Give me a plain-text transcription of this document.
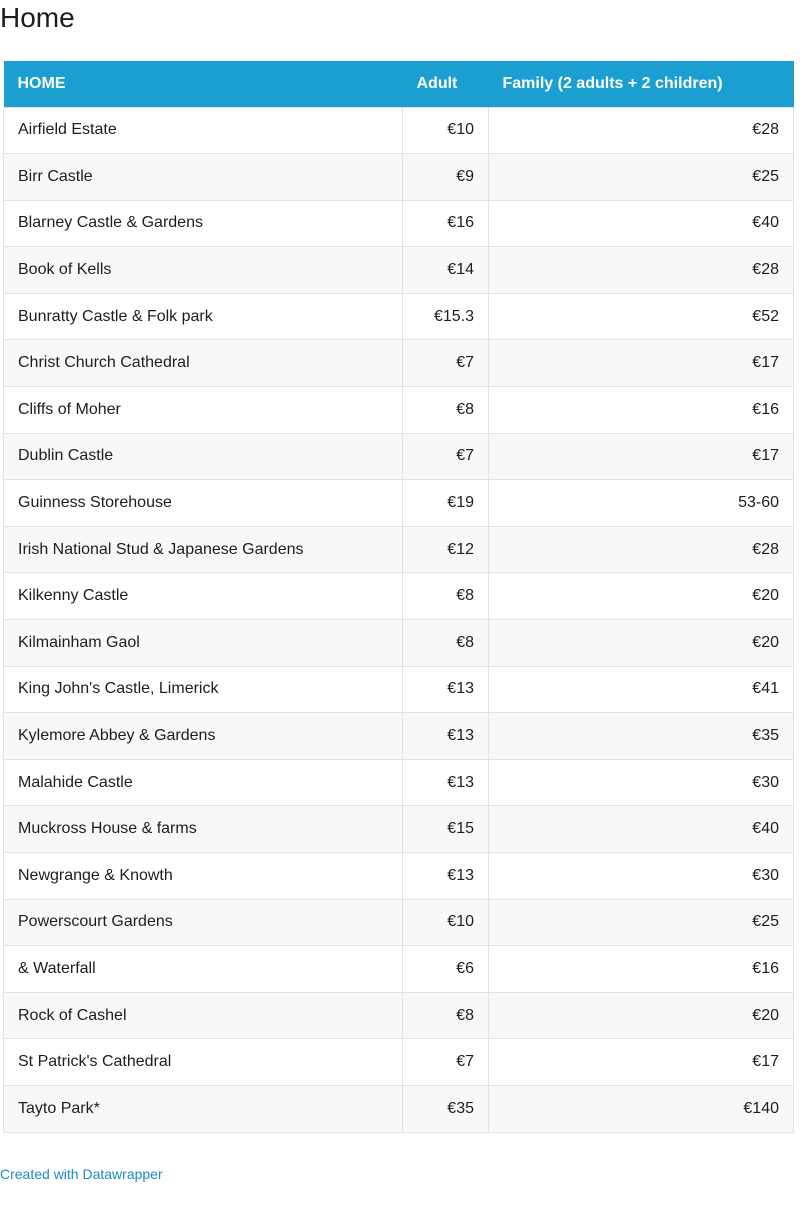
Home
HOME	Adult	Family (2 adults + 2 children)
Airfield Estate	€10	€28
Birr Castle	€9	€25
Blarney Castle & Gardens	€16	€40
Book of Kells	€14	€28
Bunratty Castle & Folk park	€15.3	€52
Christ Church Cathedral	€7	€17
Cliffs of Moher	€8	€16
Dublin Castle	€7	€17
Guinness Storehouse	€19	53-60
Irish National Stud & Japanese Gardens	€12	€28
Kilkenny Castle	€8	€20
Kilmainham Gaol	€8	€20
King John's Castle, Limerick	€13	€41
Kylemore Abbey & Gardens	€13	€35
Malahide Castle	€13	€30
Muckross House & farms	€15	€40
Newgrange & Knowth	€13	€30
Powerscourt Gardens	€10	€25
& Waterfall	€6	€16
Rock of Cashel	€8	€20
St Patrick's Cathedral	€7	€17
Tayto Park*	€35	€140
Created with Datawrapper
